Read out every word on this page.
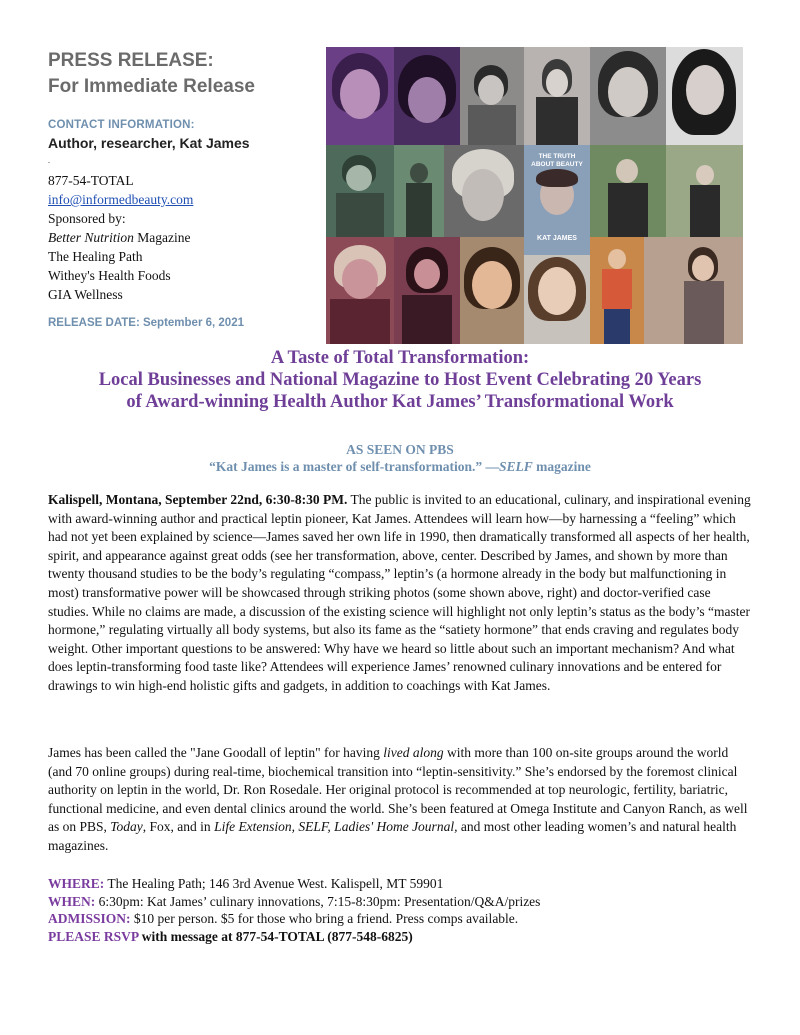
PRESS RELEASE:
For Immediate Release
CONTACT INFORMATION:
Author, researcher, Kat James
.
877-54-TOTAL
info@informedbeauty.com
Sponsored by:
Better Nutrition Magazine
The Healing Path
Withey's Health Foods
GIA Wellness
RELEASE DATE: September 6, 2021
THE TRUTH ABOUT BEAUTY
KAT JAMES
A Taste of Total Transformation:
Local Businesses and National Magazine to Host Event Celebrating 20 Years
of Award-winning Health Author Kat James’ Transformational Work
AS SEEN ON PBS
“Kat James is a master of self-transformation.” —SELF magazine

Kalispell, Montana, September 22nd, 6:30-8:30 PM. The public is invited to an educational, culinary, and inspirational evening with award-winning author and practical leptin pioneer, Kat James. Attendees will learn how—by harnessing a “feeling” which had not yet been explained by science—James saved her own life in 1990, then dramatically transformed all aspects of her health, spirit, and appearance against great odds (see her transformation, above, center. Described by James, and shown by more than twenty thousand studies to be the body’s regulating “compass,” leptin’s (a hormone already in the body but malfunctioning in most) transformative power will be showcased through striking photos (some shown above, right) and doctor-verified case studies. While no claims are made, a discussion of the existing science will highlight not only leptin’s status as the body’s “master hormone,” regulating virtually all body systems, but also its fame as the “satiety hormone” that ends craving and regulates body weight. Other important questions to be answered: Why have we heard so little about such an important mechanism? And what does leptin-transforming food taste like? Attendees will experience James’ renowned culinary innovations and be entered for drawings to win high-end holistic gifts and gadgets, in addition to coachings with Kat James.

James has been called the "Jane Goodall of leptin" for having lived along with more than 100 on-site groups around the world (and 70 online groups) during real-time, biochemical transition into “leptin-sensitivity.” She’s endorsed by the foremost clinical authority on leptin in the world, Dr. Ron Rosedale. Her original protocol is recommended at top neurologic, fertility, bariatric, functional medicine, and even dental clinics around the world. She’s been featured at Omega Institute and Canyon Ranch, as well as on PBS, Today, Fox, and in Life Extension, SELF, Ladies' Home Journal, and most other leading women’s and natural health magazines.

WHERE: The Healing Path; 146 3rd Avenue West. Kalispell, MT 59901
WHEN: 6:30pm: Kat James’ culinary innovations, 7:15-8:30pm: Presentation/Q&A/prizes
ADMISSION: $10 per person. $5 for those who bring a friend. Press comps available.
PLEASE RSVP with message at 877-54-TOTAL (877-548-6825)
